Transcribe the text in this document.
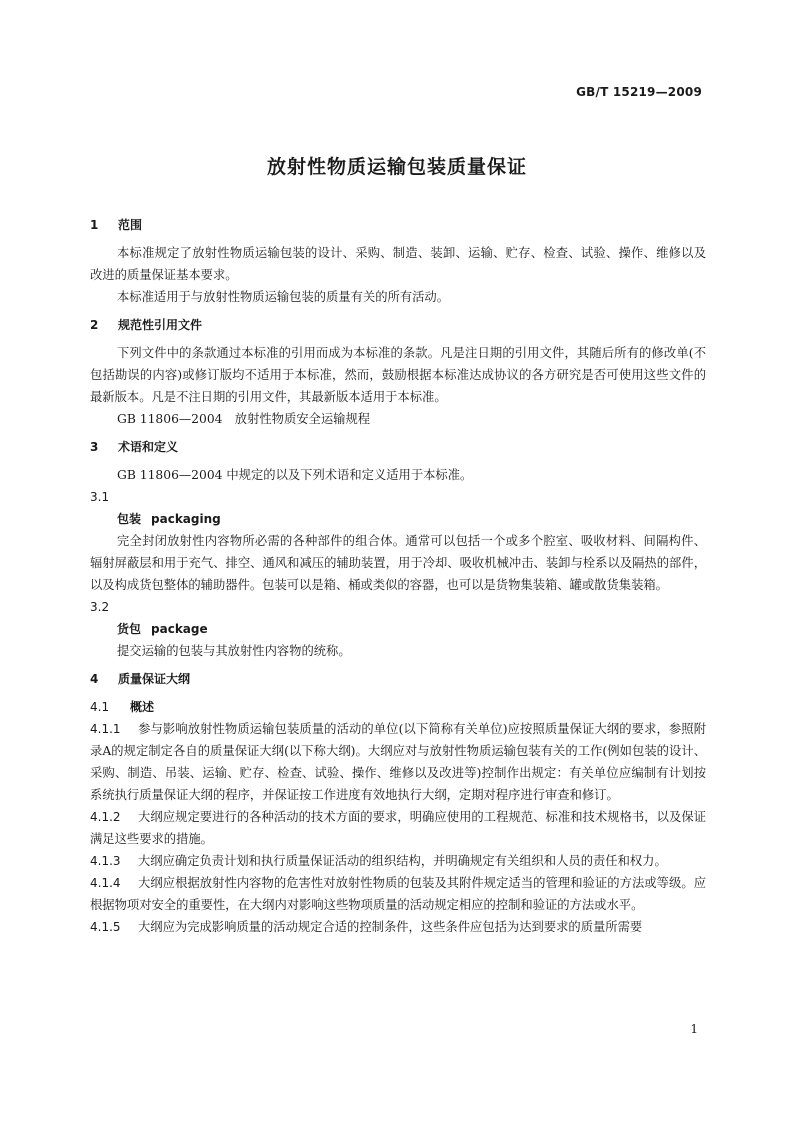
GB/T 15219—2009
放射性物质运输包装质量保证

1 范围

本标准规定了放射性物质运输包装的设计、采购、制造、装卸、运输、贮存、检查、试验、操作、维修以及改进的质量保证基本要求。

本标准适用于与放射性物质运输包装的质量有关的所有活动。

2 规范性引用文件

下列文件中的条款通过本标准的引用而成为本标准的条款。凡是注日期的引用文件，其随后所有的修改单(不包括勘误的内容)或修订版均不适用于本标准，然而，鼓励根据本标准达成协议的各方研究是否可使用这些文件的最新版本。凡是不注日期的引用文件，其最新版本适用于本标准。

GB 11806—2004　放射性物质安全运输规程

3 术语和定义

GB 11806—2004 中规定的以及下列术语和定义适用于本标准。

3.1

包装 packaging

完全封闭放射性内容物所必需的各种部件的组合体。通常可以包括一个或多个腔室、吸收材料、间隔构件、辐射屏蔽层和用于充气、排空、通风和减压的辅助装置，用于冷却、吸收机械冲击、装卸与栓系以及隔热的部件，以及构成货包整体的辅助器件。包装可以是箱、桶或类似的容器，也可以是货物集装箱、罐或散货集装箱。

3.2

货包 package

提交运输的包装与其放射性内容物的统称。

4 质量保证大纲

4.1 概述

4.1.1 参与影响放射性物质运输包装质量的活动的单位(以下简称有关单位)应按照质量保证大纲的要求，参照附录A的规定制定各自的质量保证大纲(以下称大纲)。大纲应对与放射性物质运输包装有关的工作(例如包装的设计、采购、制造、吊装、运输、贮存、检查、试验、操作、维修以及改进等)控制作出规定：有关单位应编制有计划按系统执行质量保证大纲的程序，并保证按工作进度有效地执行大纲，定期对程序进行审查和修订。

4.1.2 大纲应规定要进行的各种活动的技术方面的要求，明确应使用的工程规范、标准和技术规格书，以及保证满足这些要求的措施。

4.1.3 大纲应确定负责计划和执行质量保证活动的组织结构，并明确规定有关组织和人员的责任和权力。

4.1.4 大纲应根据放射性内容物的危害性对放射性物质的包装及其附件规定适当的管理和验证的方法或等级。应根据物项对安全的重要性，在大纲内对影响这些物项质量的活动规定相应的控制和验证的方法或水平。

4.1.5 大纲应为完成影响质量的活动规定合适的控制条件，这些条件应包括为达到要求的质量所需要

1
